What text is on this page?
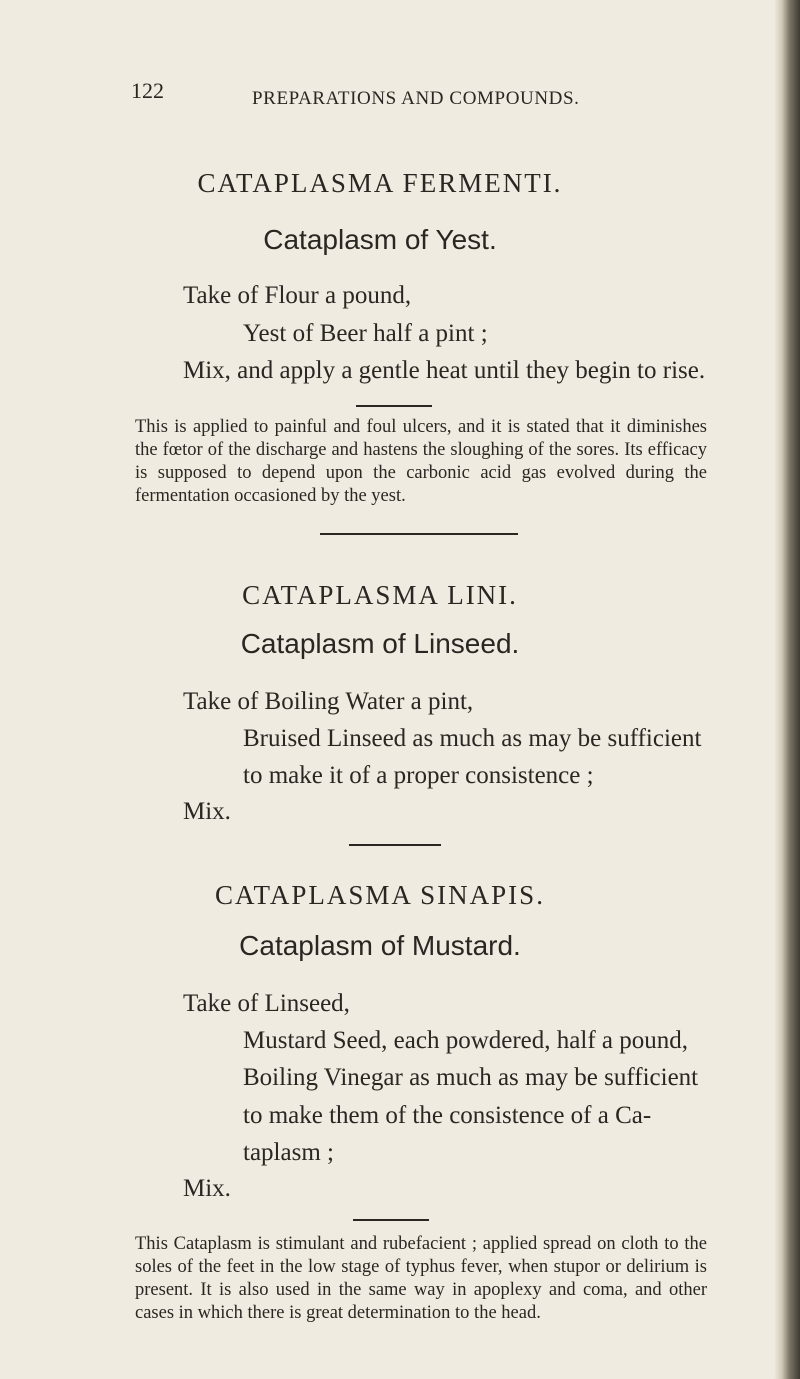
122	PREPARATIONS AND COMPOUNDS.
CATAPLASMA FERMENTI.
Cataplasm of Yest.
Take of Flour a pound,
Yest of Beer half a pint ;
Mix, and apply a gentle heat until they begin to rise.
This is applied to painful and foul ulcers, and it is stated that it diminishes the fœtor of the discharge and hastens the sloughing of the sores. Its efficacy is supposed to depend upon the carbonic acid gas evolved during the fermentation occasioned by the yest.
CATAPLASMA LINI.
Cataplasm of Linseed.
Take of Boiling Water a pint,
Bruised Linseed as much as may be sufficient
to make it of a proper consistence ;
Mix.
CATAPLASMA SINAPIS.
Cataplasm of Mustard.
Take of Linseed,
Mustard Seed, each powdered, half a pound,
Boiling Vinegar as much as may be sufficient
to make them of the consistence of a Ca-
taplasm ;
Mix.
This Cataplasm is stimulant and rubefacient ; applied spread on cloth to the soles of the feet in the low stage of typhus fever, when stupor or delirium is present. It is also used in the same way in apoplexy and coma, and other cases in which there is great determination to the head.
